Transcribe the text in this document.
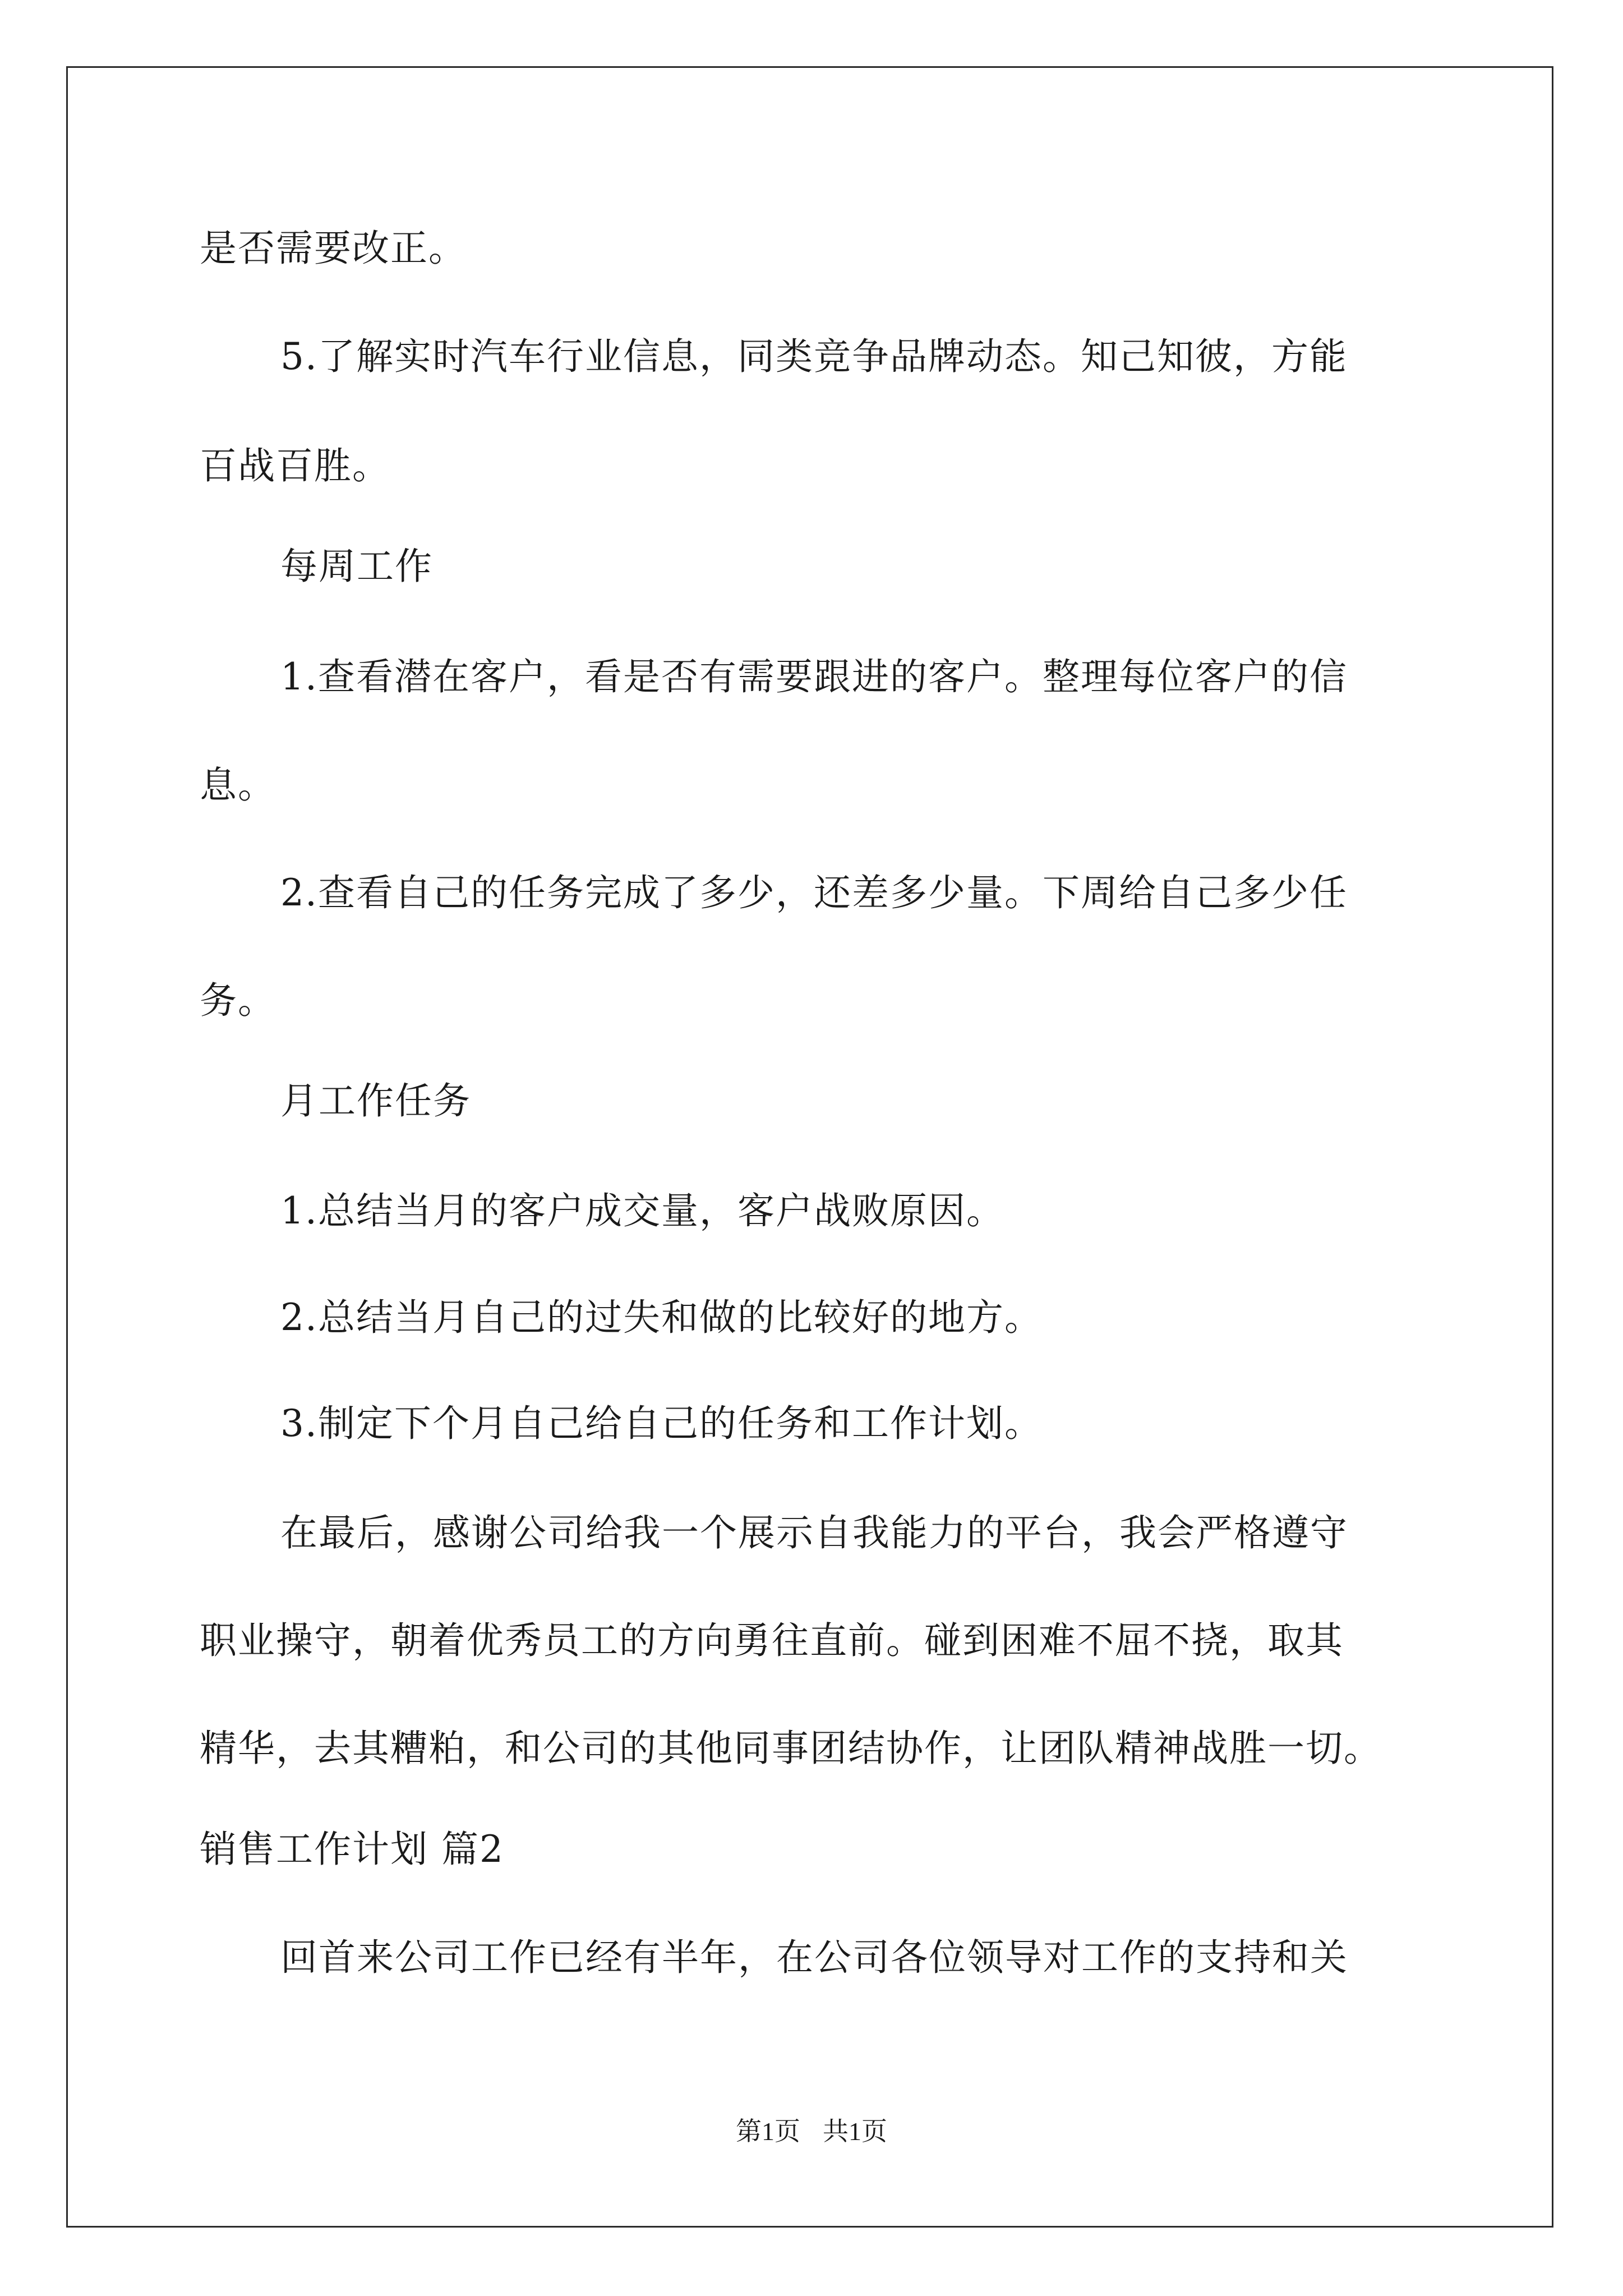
是否需要改正。
5.了解实时汽车行业信息，同类竞争品牌动态。知己知彼，方能
百战百胜。
每周工作
1.查看潜在客户，看是否有需要跟进的客户。整理每位客户的信
息。
2.查看自己的任务完成了多少，还差多少量。下周给自己多少任
务。
月工作任务
1.总结当月的客户成交量，客户战败原因。
2.总结当月自己的过失和做的比较好的地方。
3.制定下个月自己给自己的任务和工作计划。
在最后，感谢公司给我一个展示自我能力的平台，我会严格遵守
职业操守，朝着优秀员工的方向勇往直前。碰到困难不屈不挠，取其
精华，去其糟粕，和公司的其他同事团结协作，让团队精神战胜一切。
销售工作计划 篇2
回首来公司工作已经有半年，在公司各位领导对工作的支持和关
第1页 共1页
